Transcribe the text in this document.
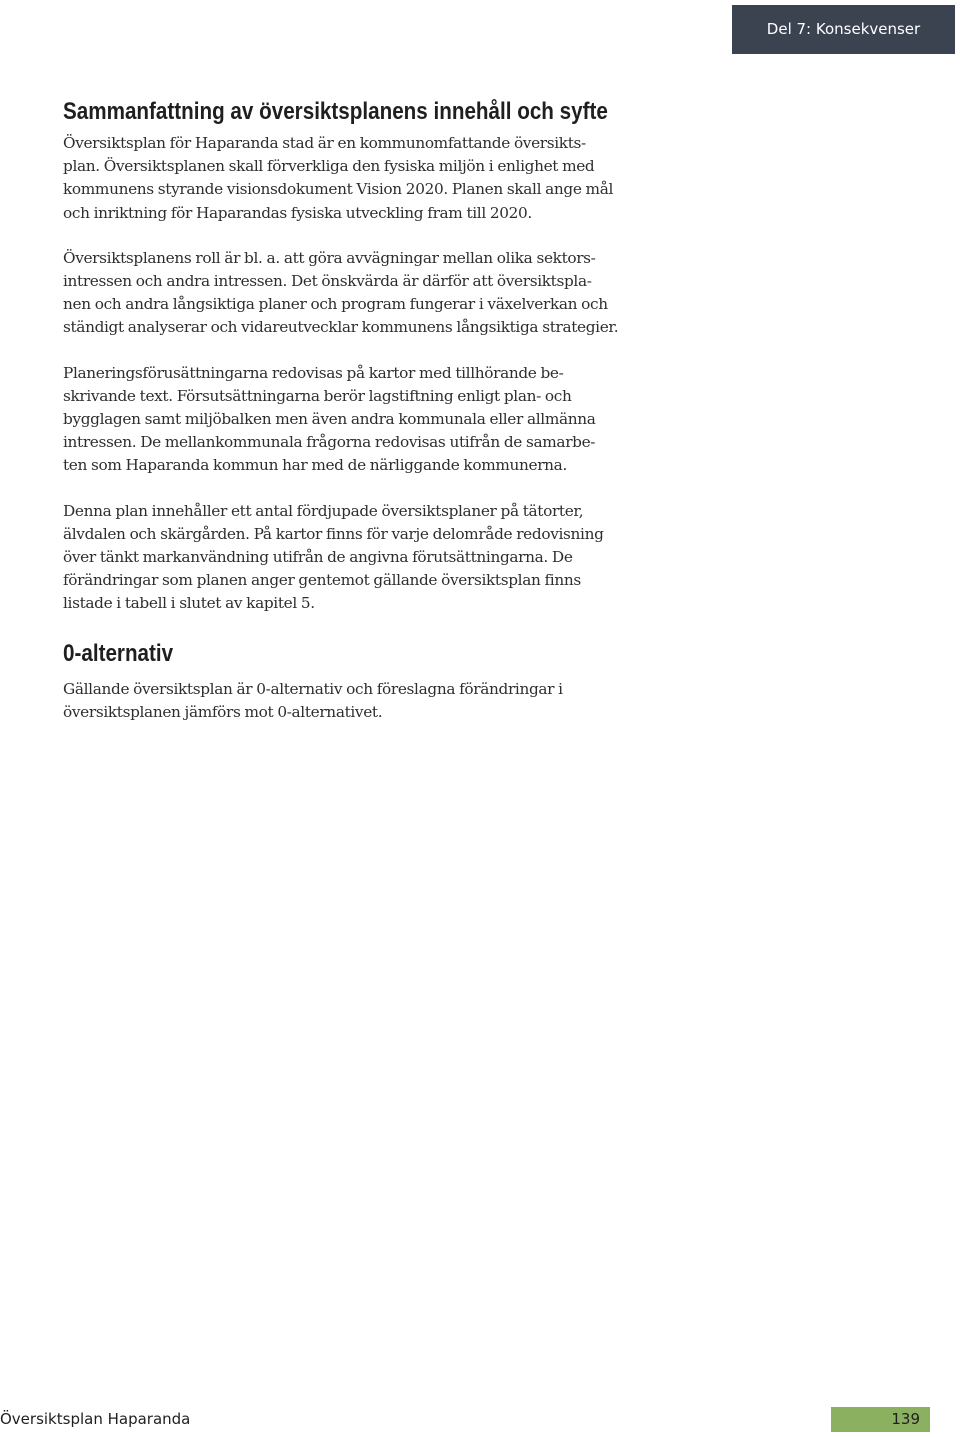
Del 7: Konsekvenser
Sammanfattning av översiktsplanens innehåll och syfte

Översiktsplan för Haparanda stad är en kommunomfattande översikts- plan. Översiktsplanen skall förverkliga den fysiska miljön i enlighet med kommunens styrande visionsdokument Vision 2020. Planen skall ange mål och inriktning för Haparandas fysiska utveckling fram till 2020.

Översiktsplanens roll är bl. a. att göra avvägningar mellan olika sektors- intressen och andra intressen. Det önskvärda är därför att översiktspla- nen och andra långsiktiga planer och program fungerar i växelverkan och ständigt analyserar och vidareutvecklar kommunens långsiktiga strategier.

Planeringsförusättningarna redovisas på kartor med tillhörande be- skrivande text. Försutsättningarna berör lagstiftning enligt plan- och bygglagen samt miljöbalken men även andra kommunala eller allmänna intressen. De mellankommunala frågorna redovisas utifrån de samarbe- ten som Haparanda kommun har med de närliggande kommunerna.

Denna plan innehåller ett antal fördjupade översiktsplaner på tätorter, älvdalen och skärgården. På kartor finns för varje delområde redovisning över tänkt markanvändning utifrån de angivna förutsättningarna. De förändringar som planen anger gentemot gällande översiktsplan finns listade i tabell i slutet av kapitel 5.

0-alternativ

Gällande översiktsplan är 0-alternativ och föreslagna förändringar i översiktsplanen jämförs mot 0-alternativet.

Översiktsplan Haparanda	139
